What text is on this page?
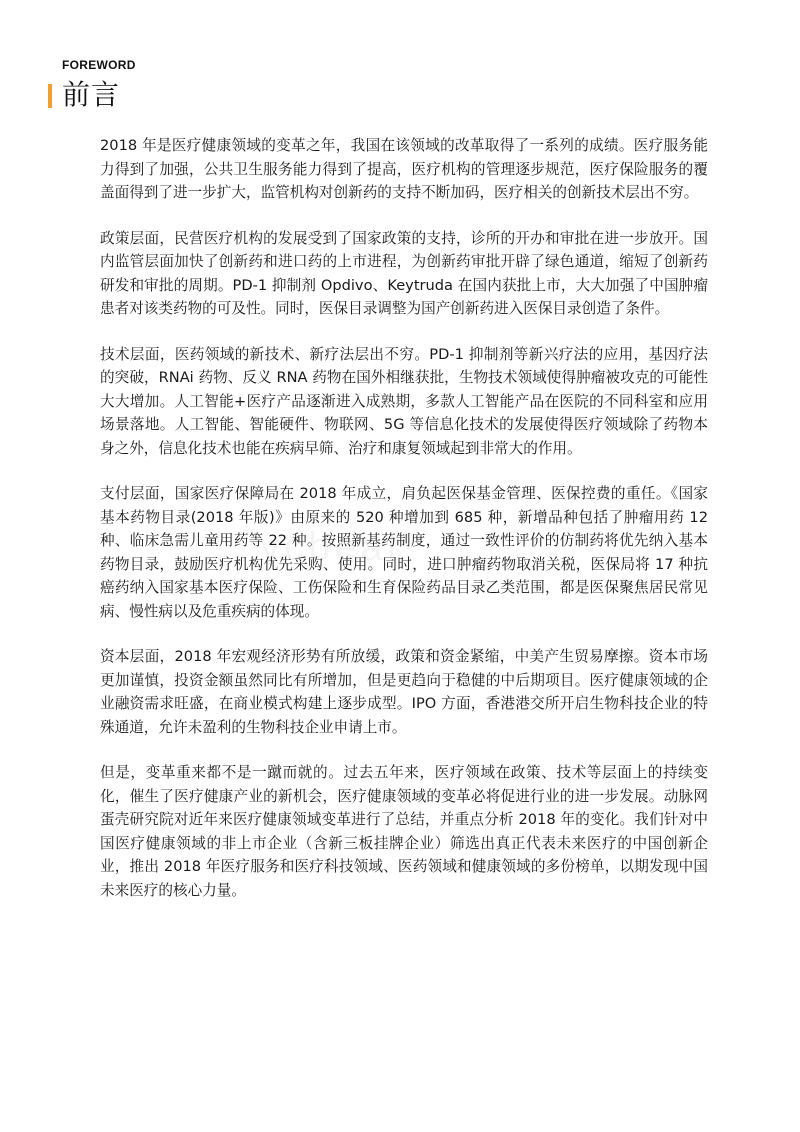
FOREWORD
前言

2018 年是医疗健康领域的变革之年，我国在该领域的改革取得了一系列的成绩。医疗服务能力得到了加强，公共卫生服务能力得到了提高，医疗机构的管理逐步规范，医疗保险服务的覆盖面得到了进一步扩大，监管机构对创新药的支持不断加码，医疗相关的创新技术层出不穷。

政策层面，民营医疗机构的发展受到了国家政策的支持，诊所的开办和审批在进一步放开。国内监管层面加快了创新药和进口药的上市进程，为创新药审批开辟了绿色通道，缩短了创新药研发和审批的周期。PD-1 抑制剂 Opdivo、Keytruda 在国内获批上市，大大加强了中国肿瘤患者对该类药物的可及性。同时，医保目录调整为国产创新药进入医保目录创造了条件。

技术层面，医药领域的新技术、新疗法层出不穷。PD-1 抑制剂等新兴疗法的应用，基因疗法的突破，RNAi 药物、反义 RNA 药物在国外相继获批，生物技术领域使得肿瘤被攻克的可能性大大增加。人工智能+医疗产品逐渐进入成熟期，多款人工智能产品在医院的不同科室和应用场景落地。人工智能、智能硬件、物联网、5G 等信息化技术的发展使得医疗领域除了药物本身之外，信息化技术也能在疾病早筛、治疗和康复领域起到非常大的作用。

支付层面，国家医疗保障局在 2018 年成立，肩负起医保基金管理、医保控费的重任。《国家基本药物目录(2018 年版)》由原来的 520 种增加到 685 种，新增品种包括了肿瘤用药 12 种、临床急需儿童用药等 22 种。按照新基药制度，通过一致性评价的仿制药将优先纳入基本药物目录，鼓励医疗机构优先采购、使用。同时，进口肿瘤药物取消关税，医保局将 17 种抗癌药纳入国家基本医疗保险、工伤保险和生育保险药品目录乙类范围，都是医保聚焦居民常见病、慢性病以及危重疾病的体现。

资本层面，2018 年宏观经济形势有所放缓，政策和资金紧缩，中美产生贸易摩擦。资本市场更加谨慎，投资金额虽然同比有所增加，但是更趋向于稳健的中后期项目。医疗健康领域的企业融资需求旺盛，在商业模式构建上逐步成型。IPO 方面，香港港交所开启生物科技企业的特殊通道，允许未盈利的生物科技企业申请上市。

但是，变革重来都不是一蹴而就的。过去五年来，医疗领域在政策、技术等层面上的持续变化，催生了医疗健康产业的新机会，医疗健康领域的变革必将促进行业的进一步发展。动脉网蛋壳研究院对近年来医疗健康领域变革进行了总结，并重点分析 2018 年的变化。我们针对中国医疗健康领域的非上市企业（含新三板挂牌企业）筛选出真正代表未来医疗的中国创新企业，推出 2018 年医疗服务和医疗科技领域、医药领域和健康领域的多份榜单，以期发现中国未来医疗的核心力量。
